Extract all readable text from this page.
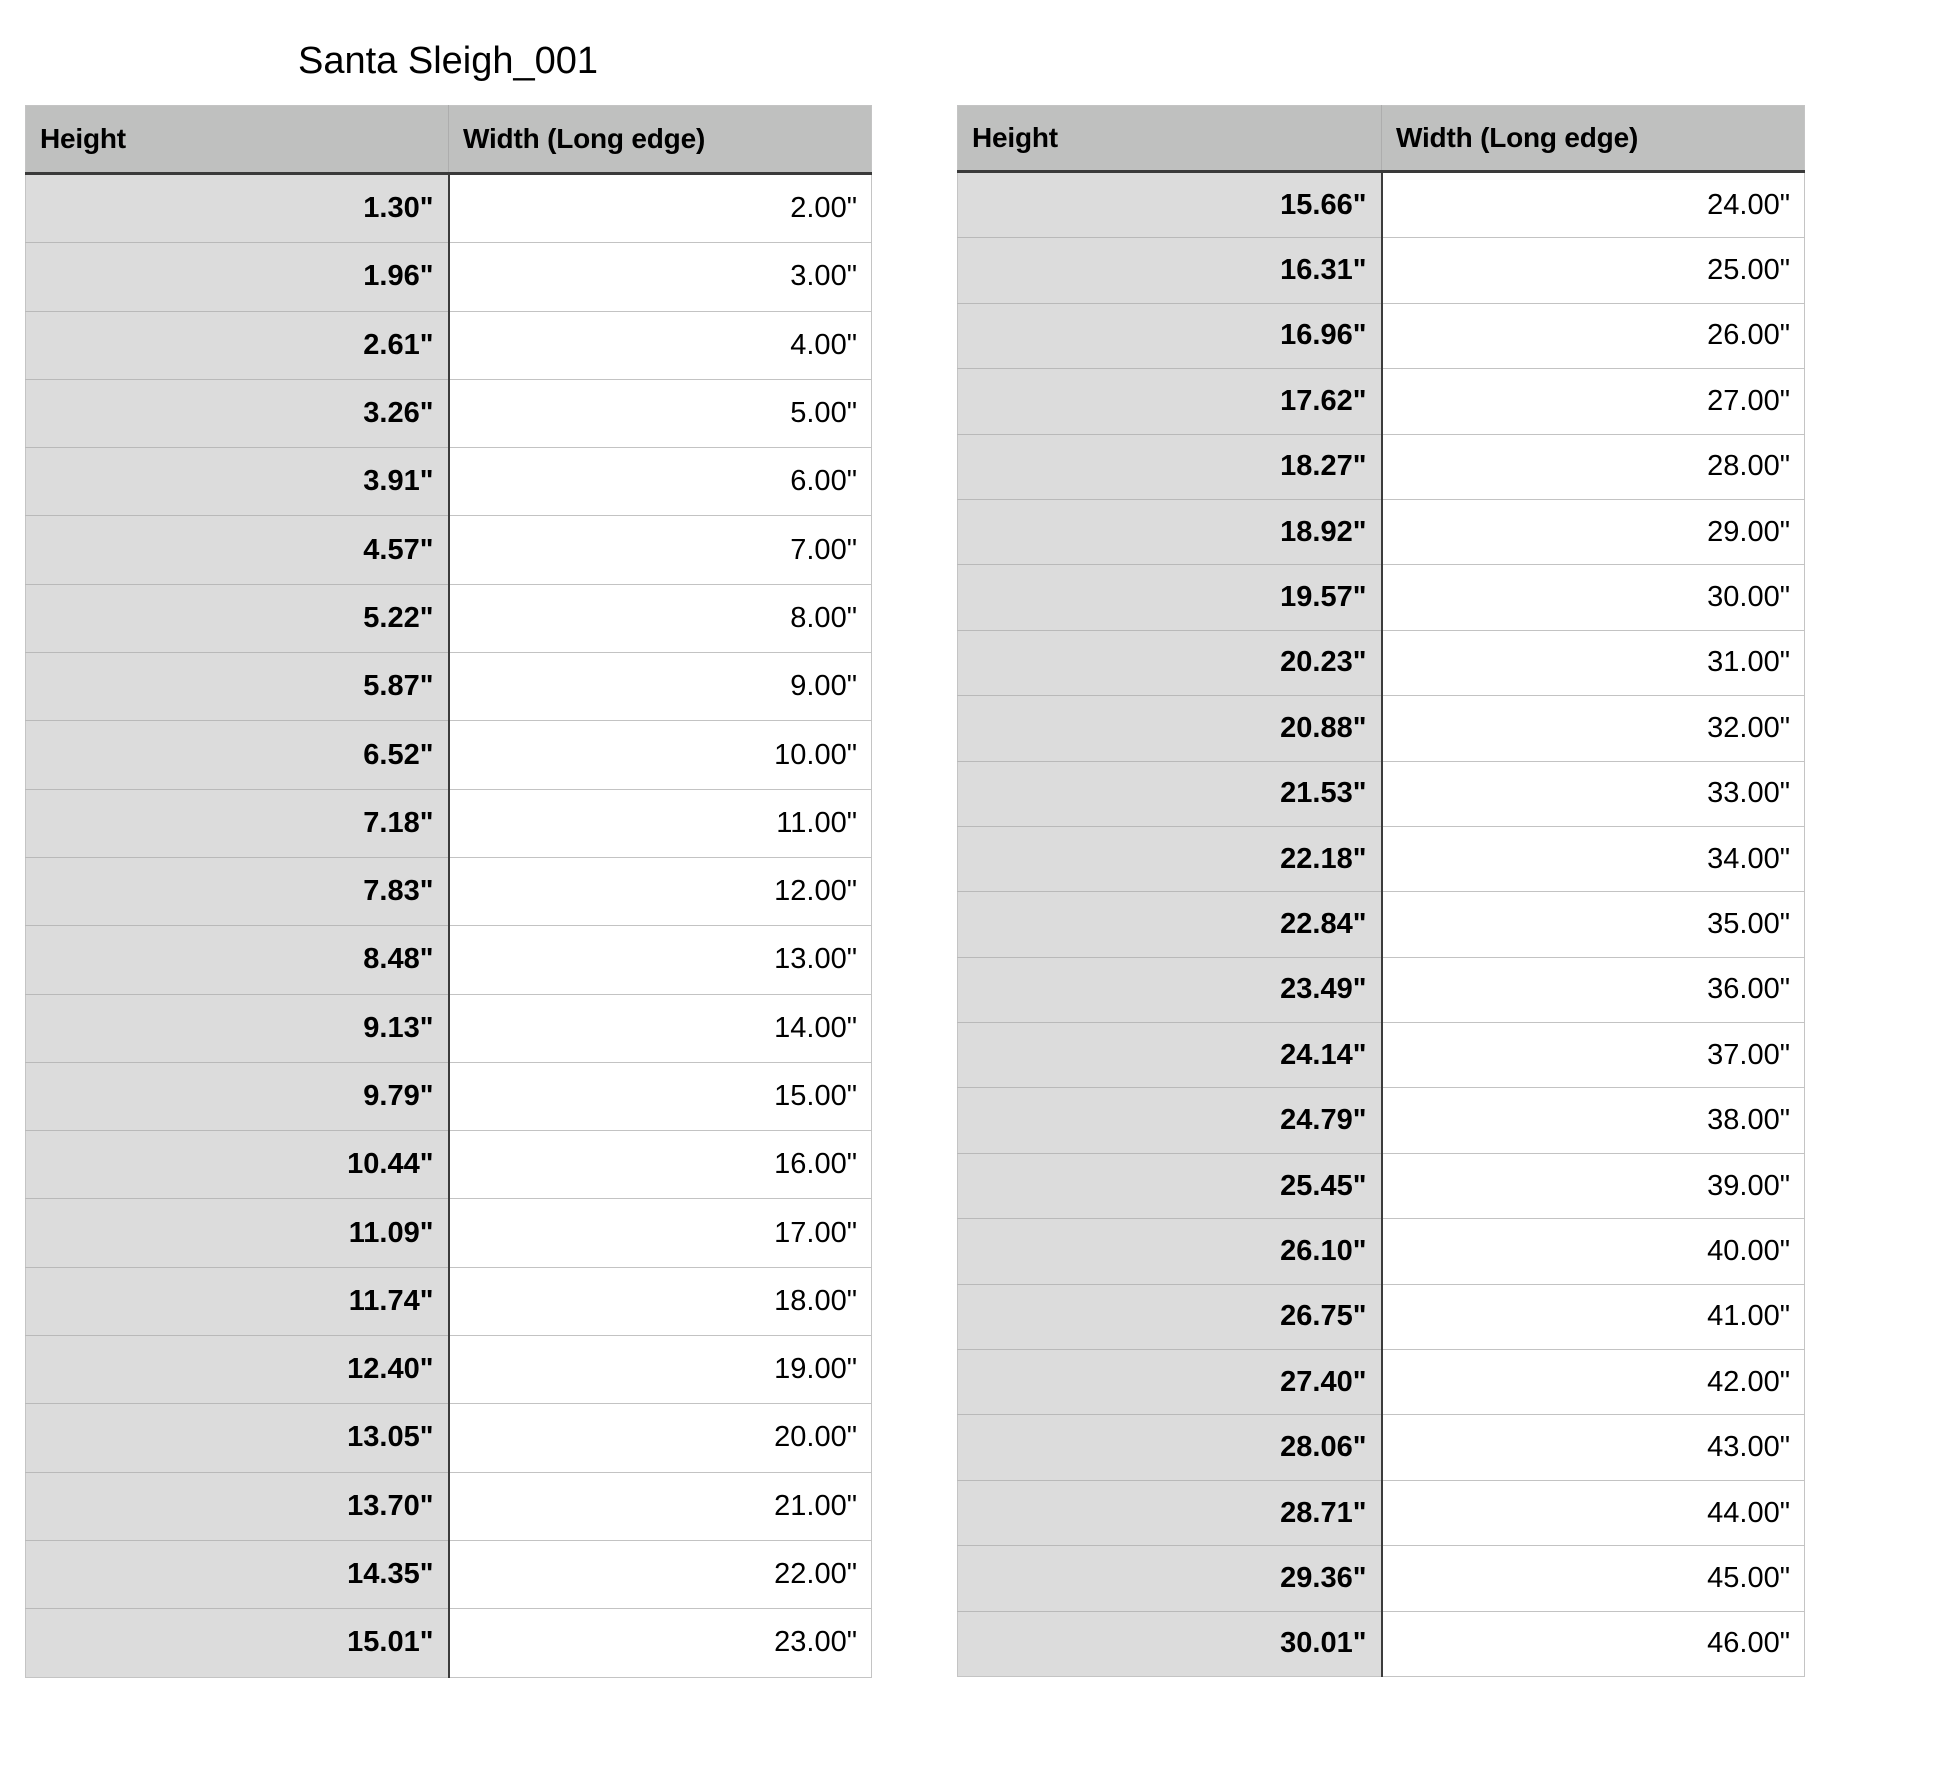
Santa Sleigh_001
Height	Width (Long edge)
1.30"	2.00"
1.96"	3.00"
2.61"	4.00"
3.26"	5.00"
3.91"	6.00"
4.57"	7.00"
5.22"	8.00"
5.87"	9.00"
6.52"	10.00"
7.18"	11.00"
7.83"	12.00"
8.48"	13.00"
9.13"	14.00"
9.79"	15.00"
10.44"	16.00"
11.09"	17.00"
11.74"	18.00"
12.40"	19.00"
13.05"	20.00"
13.70"	21.00"
14.35"	22.00"
15.01"	23.00"
Height	Width (Long edge)
15.66"	24.00"
16.31"	25.00"
16.96"	26.00"
17.62"	27.00"
18.27"	28.00"
18.92"	29.00"
19.57"	30.00"
20.23"	31.00"
20.88"	32.00"
21.53"	33.00"
22.18"	34.00"
22.84"	35.00"
23.49"	36.00"
24.14"	37.00"
24.79"	38.00"
25.45"	39.00"
26.10"	40.00"
26.75"	41.00"
27.40"	42.00"
28.06"	43.00"
28.71"	44.00"
29.36"	45.00"
30.01"	46.00"
